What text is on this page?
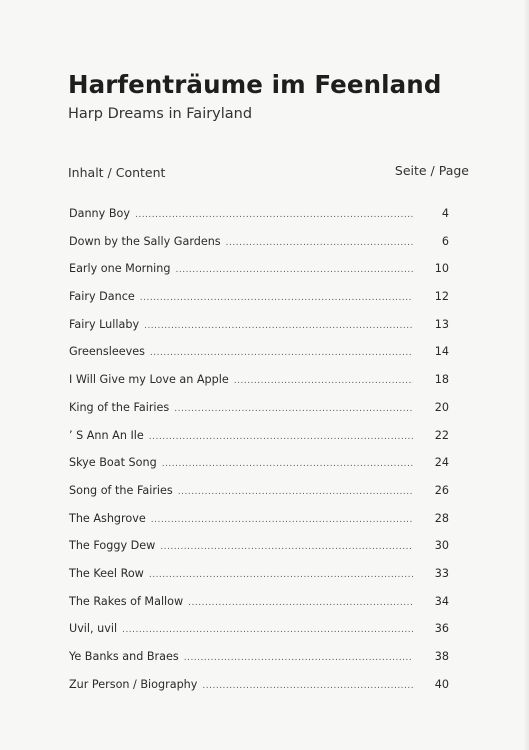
Harfenträume im Feenland
Harp Dreams in Fairyland
Inhalt / Content	Seite / Page
Danny Boy .....	4
Down by the Sally Gardens .....	6
Early one Morning .....	10
Fairy Dance .....	12
Fairy Lullaby .....	13
Greensleeves .....	14
I Will Give my Love an Apple .....	18
King of the Fairies .....	20
’ S Ann An Ile .....	22
Skye Boat Song .....	24
Song of the Fairies .....	26
The Ashgrove .....	28
The Foggy Dew .....	30
The Keel Row .....	33
The Rakes of Mallow .....	34
Uvil, uvil .....	36
Ye Banks and Braes .....	38
Zur Person / Biography .....	40
